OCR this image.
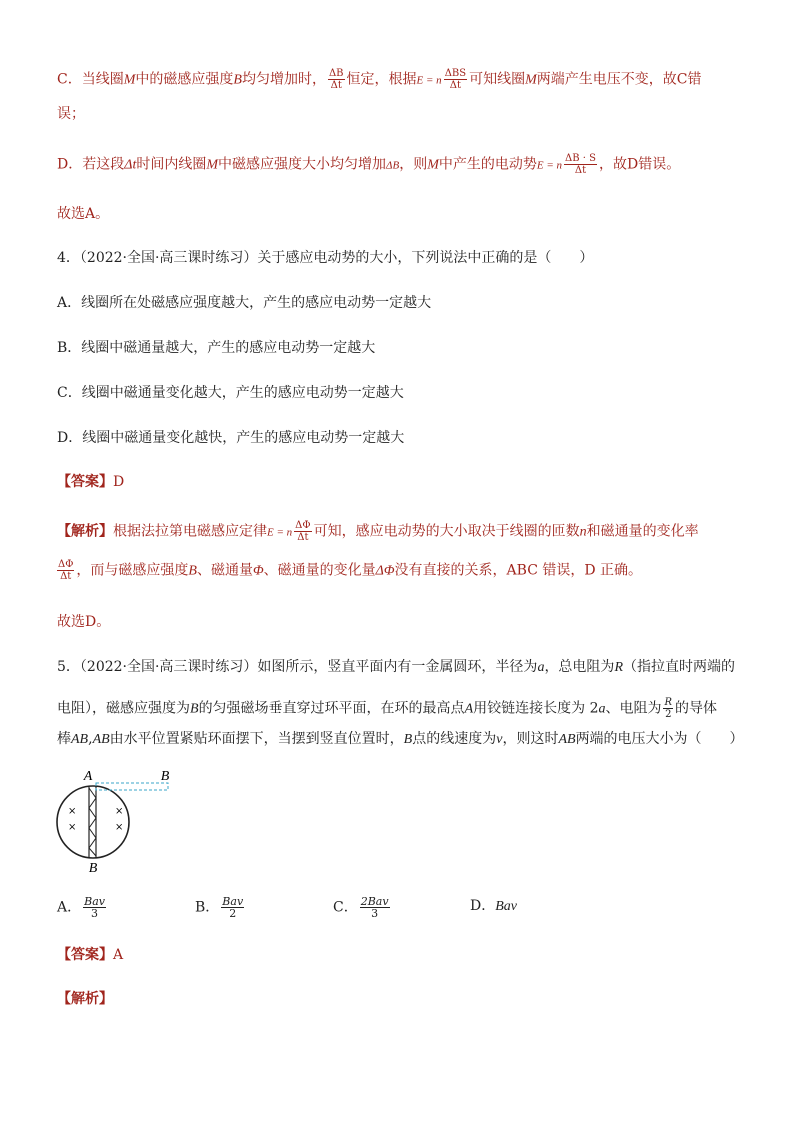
C．当线圈M中的磁感应强度B均匀增加时， $\frac{\Delta B}{\Delta t}$ 恒定，根据E = n $\frac{\text{ΔBS}}{\Delta t}$ 可知线圈M两端产生电压不变，故C错
误；
D．若这段Δt时间内线圈M中磁感应强度大小均匀增加ΔB，则M中产生的电动势E = n $\frac{\Delta B \cdot S}{\Delta t}$ ，故D错误。
故选A。
4．（2022·全国·高三课时练习）关于感应电动势的大小，下列说法中正确的是（　　）
A．线圈所在处磁感应强度越大，产生的感应电动势一定越大
B．线圈中磁通量越大，产生的感应电动势一定越大
C．线圈中磁通量变化越大，产生的感应电动势一定越大
D．线圈中磁通量变化越快，产生的感应电动势一定越大
【答案】D
【解析】根据法拉第电磁感应定律E = n $\frac{\Delta\Phi}{\Delta t}$ 可知，感应电动势的大小取决于线圈的匝数n和磁通量的变化率
$\frac{\Delta\Phi}{\Delta t}$ ，而与磁感应强度B、磁通量Φ、磁通量的变化量ΔΦ没有直接的关系，ABC 错误，D 正确。
故选D。
5．（2022·全国·高三课时练习）如图所示，竖直平面内有一金属圆环，半径为a，总电阻为R（指拉直时两端的
电阻），磁感应强度为B的匀强磁场垂直穿过环平面，在环的最高点A用铰链连接长度为 2a、电阻为 $\frac{R}{2}$ 的导体
棒AB,AB由水平位置紧贴环面摆下，当摆到竖直位置时，B点的线速度为v，则这时AB两端的电压大小为（　　）
A	B
B
×
×
×
×
A． $\frac{\text{Bav}}{3}$	B． $\frac{\text{Bav}}{2}$	C． $\frac{\text{2Bav}}{3}$	D．Bav
【答案】A
【解析】
